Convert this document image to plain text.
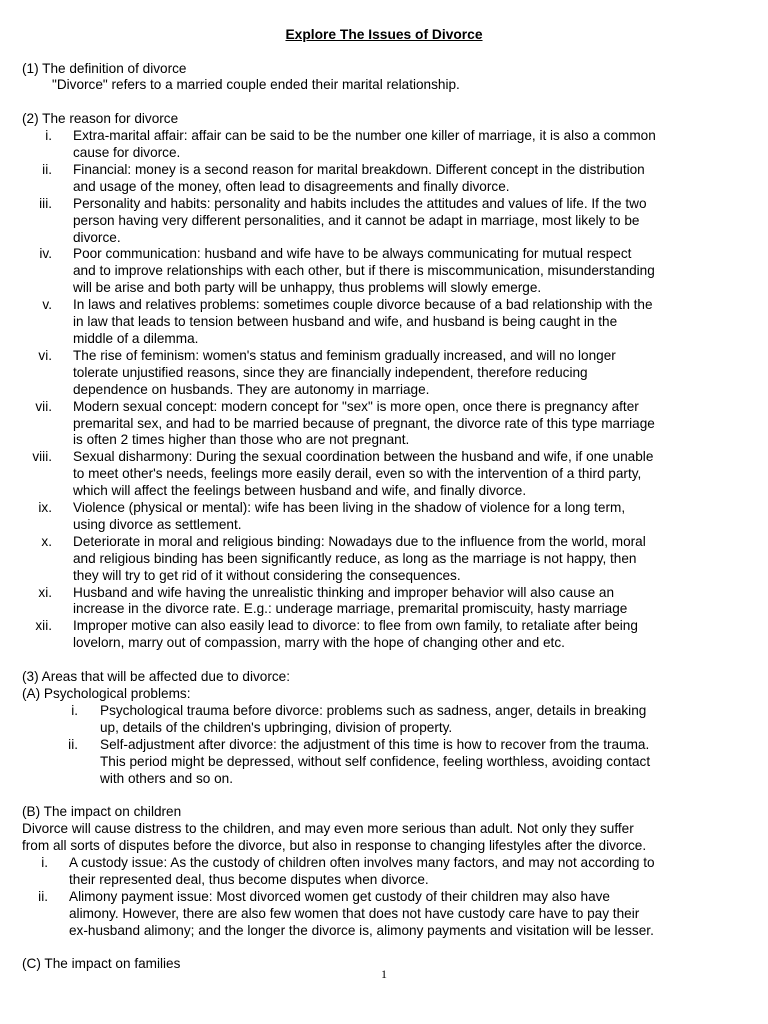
Explore The Issues of Divorce
(1) The definition of divorce
"Divorce" refers to a married couple ended their marital relationship.
(2) The reason for divorce
i. Extra-marital affair: affair can be said to be the number one killer of marriage, it is also a common
cause for divorce.
ii. Financial: money is a second reason for marital breakdown. Different concept in the distribution
and usage of the money, often lead to disagreements and finally divorce.
iii. Personality and habits: personality and habits includes the attitudes and values of life. If the two
person having very different personalities, and it cannot be adapt in marriage, most likely to be
divorce.
iv. Poor communication: husband and wife have to be always communicating for mutual respect
and to improve relationships with each other, but if there is miscommunication, misunderstanding
will be arise and both party will be unhappy, thus problems will slowly emerge.
v. In laws and relatives problems: sometimes couple divorce because of a bad relationship with the
in law that leads to tension between husband and wife, and husband is being caught in the
middle of a dilemma.
vi. The rise of feminism: women's status and feminism gradually increased, and will no longer
tolerate unjustified reasons, since they are financially independent, therefore reducing
dependence on husbands. They are autonomy in marriage.
vii. Modern sexual concept: modern concept for "sex" is more open, once there is pregnancy after
premarital sex, and had to be married because of pregnant, the divorce rate of this type marriage
is often 2 times higher than those who are not pregnant.
viii. Sexual disharmony: During the sexual coordination between the husband and wife, if one unable
to meet other's needs, feelings more easily derail, even so with the intervention of a third party,
which will affect the feelings between husband and wife, and finally divorce.
ix. Violence (physical or mental): wife has been living in the shadow of violence for a long term,
using divorce as settlement.
x. Deteriorate in moral and religious binding: Nowadays due to the influence from the world, moral
and religious binding has been significantly reduce, as long as the marriage is not happy, then
they will try to get rid of it without considering the consequences.
xi. Husband and wife having the unrealistic thinking and improper behavior will also cause an
increase in the divorce rate. E.g.: underage marriage, premarital promiscuity, hasty marriage
xii. Improper motive can also easily lead to divorce: to flee from own family, to retaliate after being
lovelorn, marry out of compassion, marry with the hope of changing other and etc.
(3) Areas that will be affected due to divorce:
(A) Psychological problems:
i. Psychological trauma before divorce: problems such as sadness, anger, details in breaking
up, details of the children's upbringing, division of property.
ii. Self-adjustment after divorce: the adjustment of this time is how to recover from the trauma.
This period might be depressed, without self confidence, feeling worthless, avoiding contact
with others and so on.
(B) The impact on children
Divorce will cause distress to the children, and may even more serious than adult. Not only they suffer
from all sorts of disputes before the divorce, but also in response to changing lifestyles after the divorce.
i. A custody issue: As the custody of children often involves many factors, and may not according to
their represented deal, thus become disputes when divorce.
ii. Alimony payment issue: Most divorced women get custody of their children may also have
alimony. However, there are also few women that does not have custody care have to pay their
ex-husband alimony; and the longer the divorce is, alimony payments and visitation will be lesser.
(C) The impact on families
1
